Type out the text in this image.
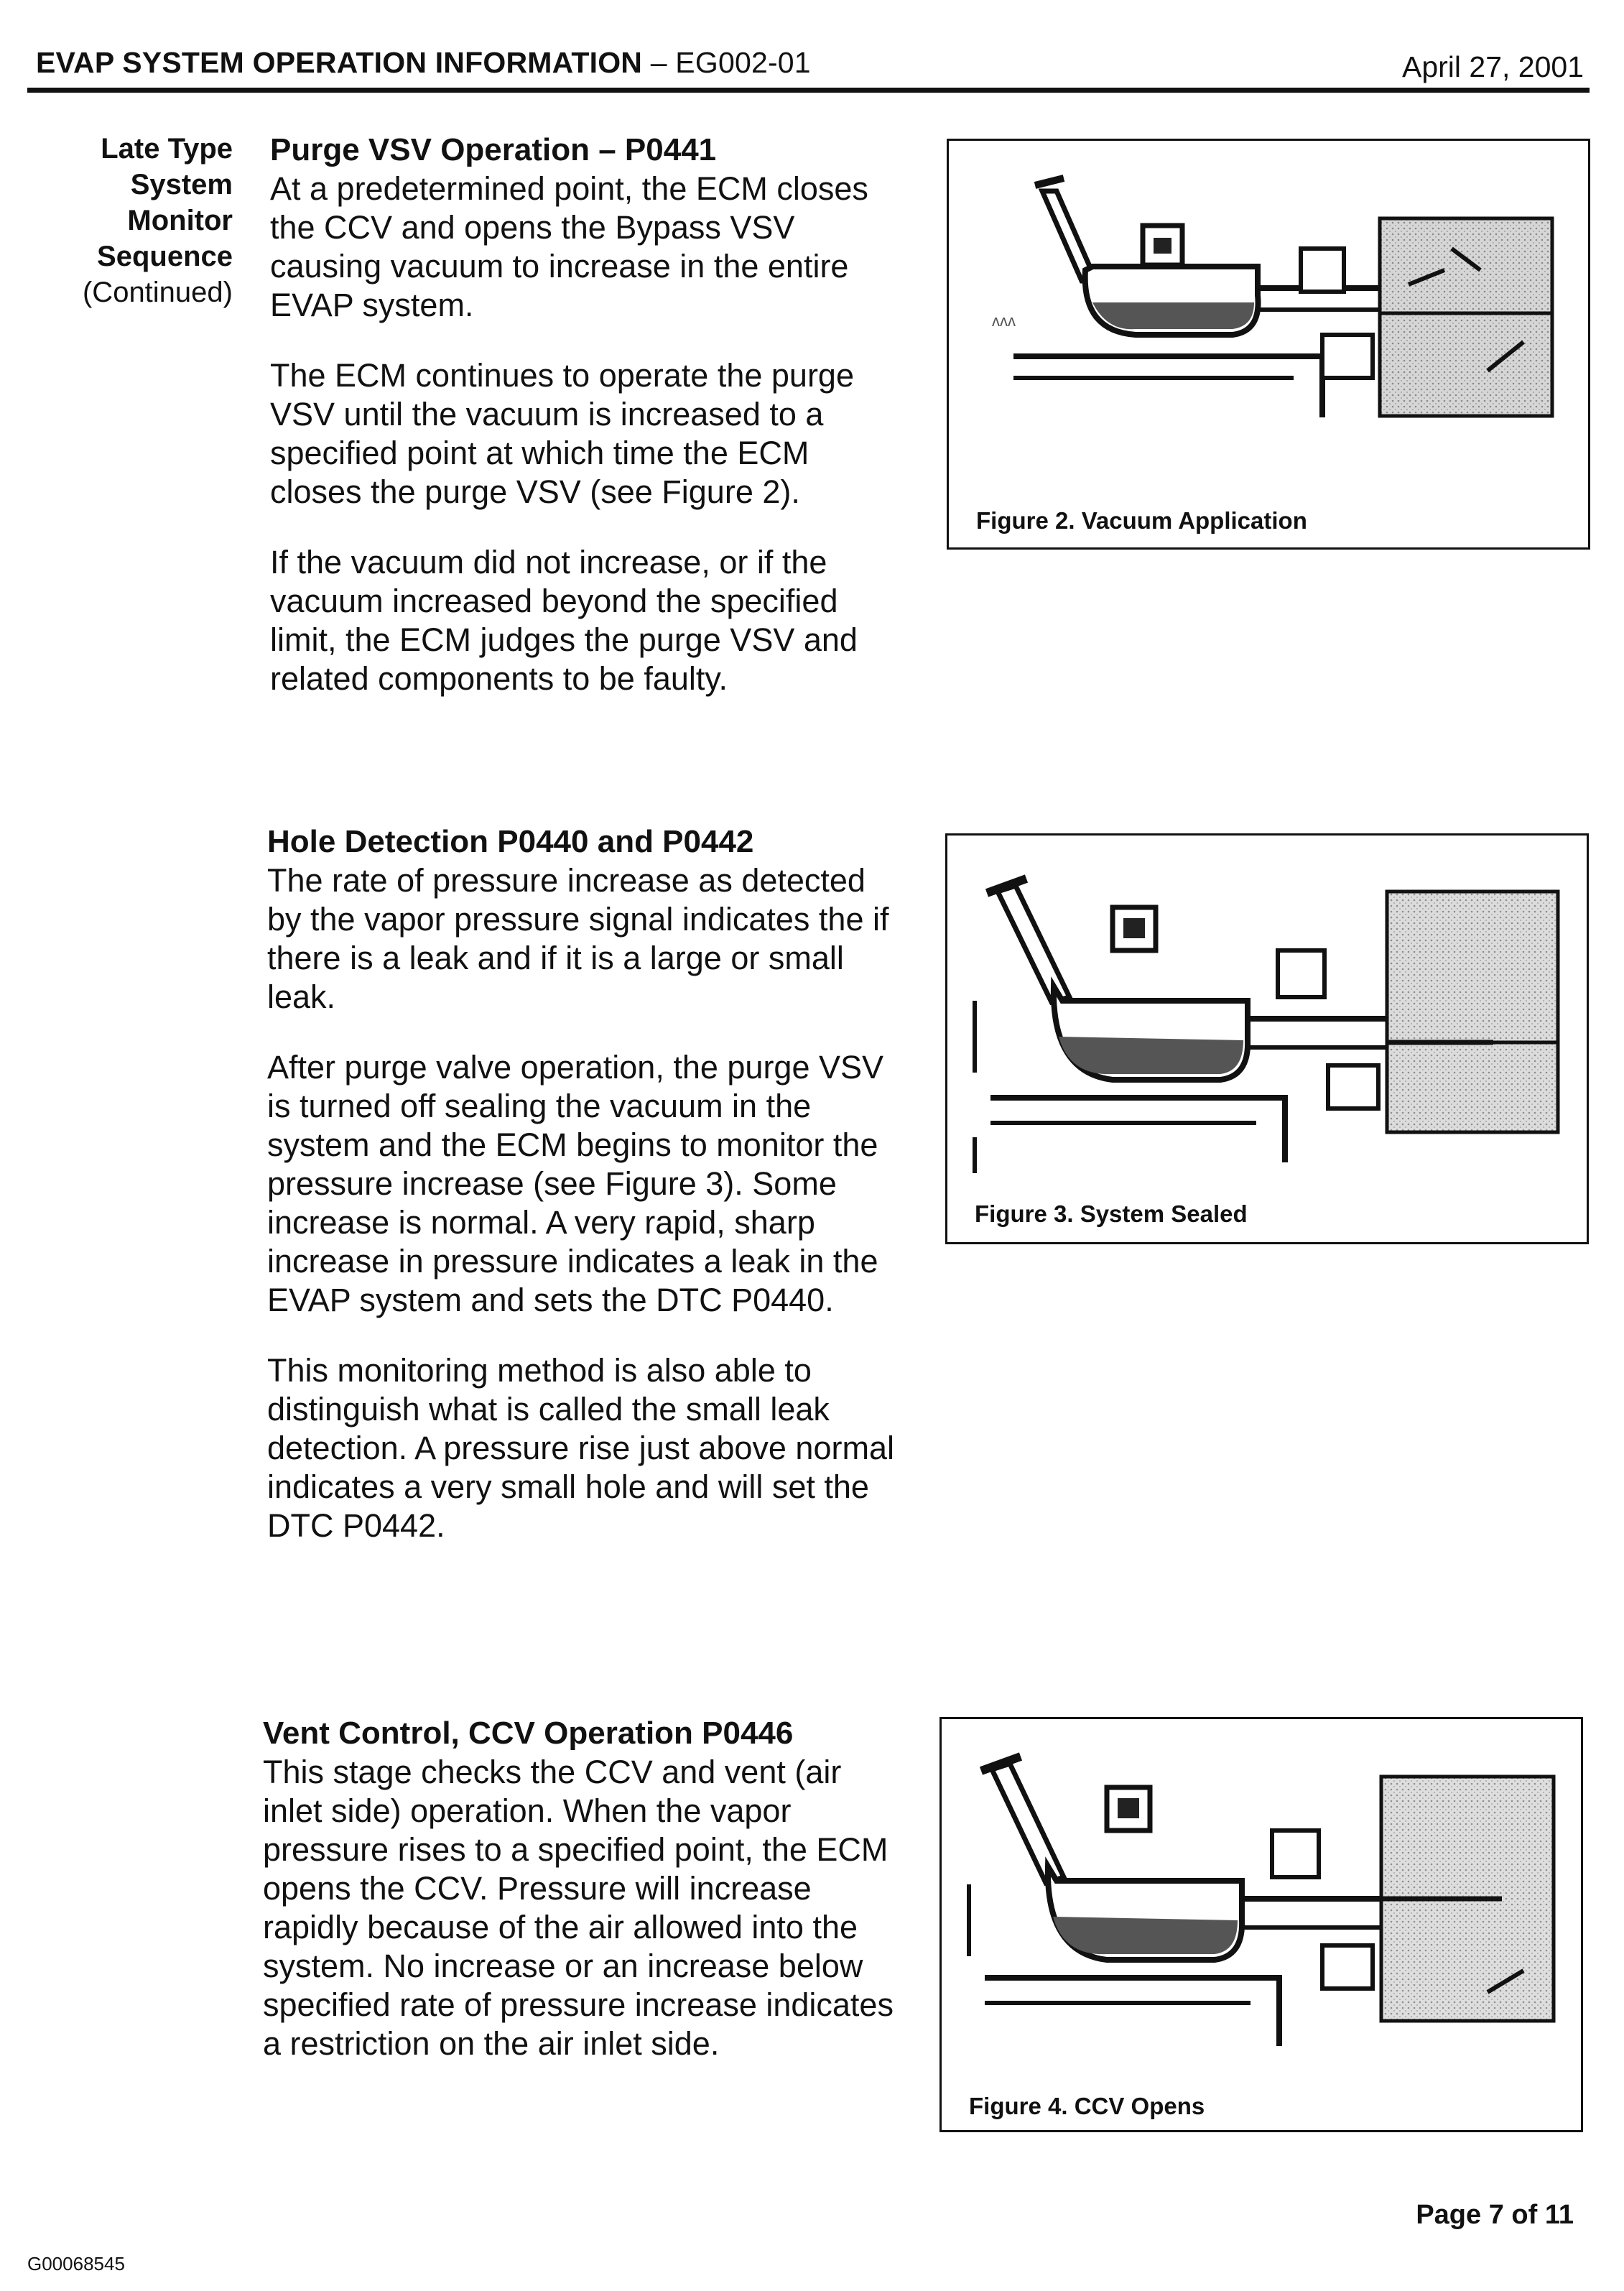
EVAP SYSTEM OPERATION INFORMATION – EG002-01	April 27, 2001
Late Type
System
Monitor
Sequence
(Continued)
Purge VSV Operation – P0441

At a predetermined point, the ECM closes the CCV and opens the Bypass VSV causing vacuum to increase in the entire EVAP system.

The ECM continues to operate the purge VSV until the vacuum is increased to a specified point at which time the ECM closes the purge VSV (see Figure 2).

If the vacuum did not increase, or if the vacuum increased beyond the specified limit, the ECM judges the purge VSV and related components to be faulty.

Hole Detection P0440 and P0442

The rate of pressure increase as detected by the vapor pressure signal indicates the if there is a leak and if it is a large or small leak.

After purge valve operation, the purge VSV is turned off sealing the vacuum in the system and the ECM begins to monitor the pressure increase (see Figure 3). Some increase is normal. A very rapid, sharp increase in pressure indicates a leak in the EVAP system and sets the DTC P0440.

This monitoring method is also able to distinguish what is called the small leak detection. A pressure rise just above normal indicates a very small hole and will set the DTC P0442.

Vent Control, CCV Operation P0446

This stage checks the CCV and vent (air inlet side) operation. When the vapor pressure rises to a specified point, the ECM opens the CCV. Pressure will increase rapidly because of the air allowed into the system. No increase or an increase below specified rate of pressure increase indicates a restriction on the air inlet side.

ʌʌʌ
Figure 2. Vacuum Application
Figure 3. System Sealed
Figure 4. CCV Opens
Page 7 of 11
G00068545
